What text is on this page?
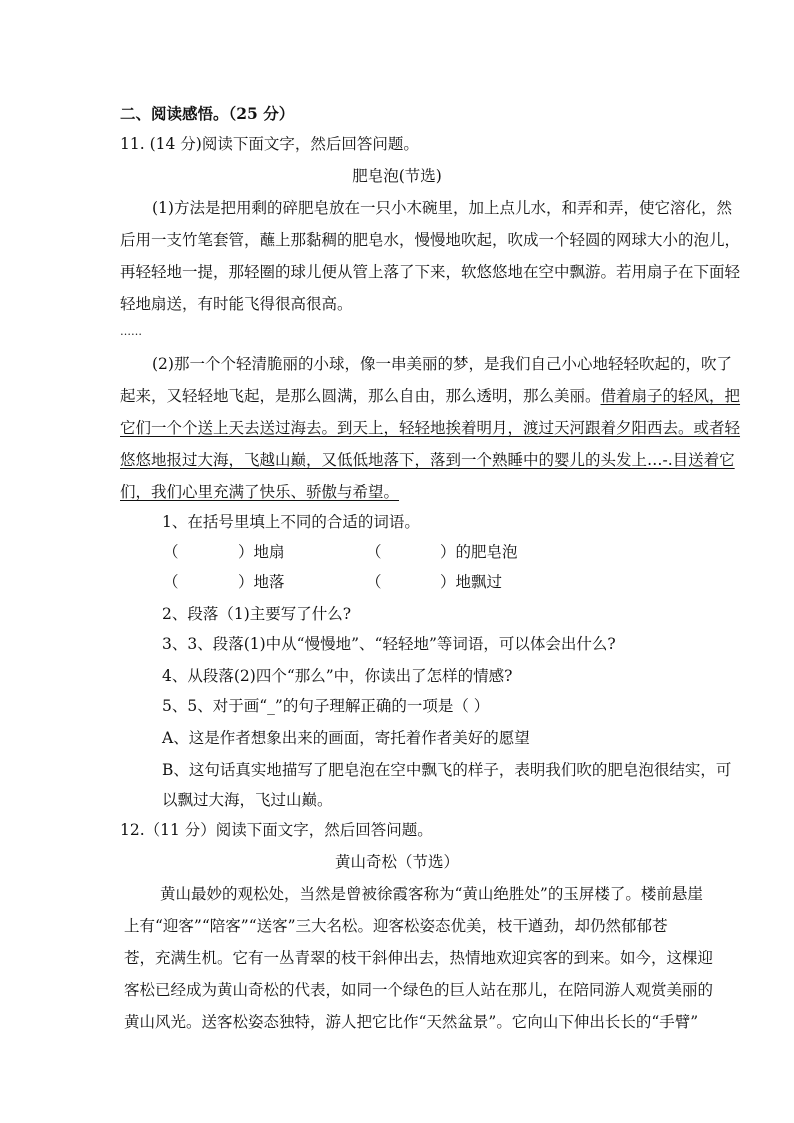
二、阅读感悟。（25 分）
11. (14 分)阅读下面文字，然后回答问题。
肥皂泡(节选)
(1)方法是把用剩的碎肥皂放在一只小木碗里，加上点儿水，和弄和弄，使它溶化，然
后用一支竹笔套管，蘸上那黏稠的肥皂水，慢慢地吹起，吹成一个轻圆的网球大小的泡儿，
再轻轻地一提，那轻圈的球儿便从管上落了下来，软悠悠地在空中飘游。若用扇子在下面轻
轻地扇送，有时能飞得很高很高。
……
(2)那一个个轻清脆丽的小球，像一串美丽的梦，是我们自己小心地轻轻吹起的，吹了
起来，又轻轻地飞起，是那么圆满，那么自由，那么透明，那么美丽。借着扇子的轻风，把
它们一个个送上天去送过海去。到天上，轻轻地挨着明月，渡过天河跟着夕阳西去。或者轻
悠悠地报过大海，飞越山巅，又低低地落下，落到一个熟睡中的婴儿的头发上…-.目送着它
们，我们心里充满了快乐、骄傲与希望。
1、在括号里填上不同的合适的词语。
（	）地扇	（	）的肥皂泡
（	）地落	（	）地飘过
2、段落（1)主要写了什么?
3、3、段落(1)中从“慢慢地”、“轻轻地”等词语，可以体会出什么?
4、从段落(2)四个“那么”中，你读出了怎样的情感?
5、5、对于画“_”的句子理解正确的一项是（ ）
A、这是作者想象出来的画面，寄托着作者美好的愿望
B、这句话真实地描写了肥皂泡在空中飘飞的样子，表明我们吹的肥皂泡很结实，可
以飘过大海，飞过山巅。
12.（11 分）阅读下面文字，然后回答问题。
黄山奇松（节选）
黄山最妙的观松处，当然是曾被徐霞客称为“黄山绝胜处”的玉屏楼了。楼前悬崖
上有“迎客”“陪客”“送客”三大名松。迎客松姿态优美，枝干遒劲，却仍然郁郁苍
苍，充满生机。它有一丛青翠的枝干斜伸出去，热情地欢迎宾客的到来。如今，这棵迎
客松已经成为黄山奇松的代表，如同一个绿色的巨人站在那儿，在陪同游人观赏美丽的
黄山风光。送客松姿态独特，游人把它比作“天然盆景”。它向山下伸出长长的“手臂”
